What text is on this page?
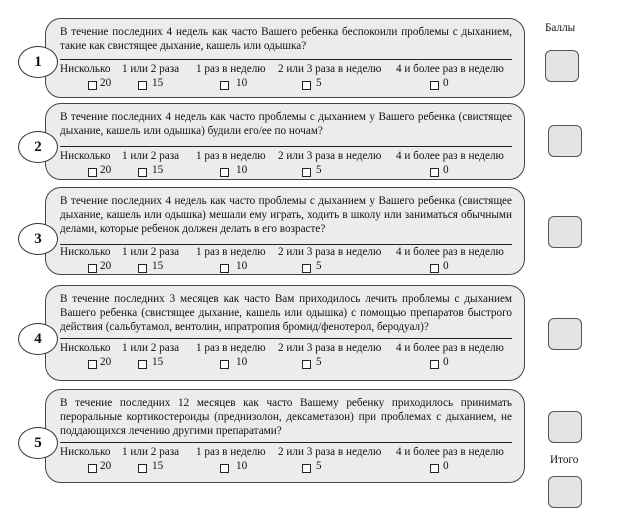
Баллы
Итого
В течение последних 4 недель как часто Вашего ребенка беспокоили проблемы с дыханием, такие как свистящее дыхание, кашель или одышка?
Нисколько
20
1 или 2 раза
15
1 раз в неделю
10
2 или 3 раза в неделю
5
4 и более раз в неделю
0
1
В течение последних 4 недель как часто проблемы с дыханием у Вашего ребенка (свистящее дыхание, кашель или одышка) будили его/ее по ночам?
Нисколько
20
1 или 2 раза
15
1 раз в неделю
10
2 или 3 раза в неделю
5
4 и более раз в неделю
0
2
В течение последних 4 недель как часто проблемы с дыханием у Вашего ребенка (свистящее дыхание, кашель или одышка) мешали ему играть, ходить в школу или заниматься обычными делами, которые ребенок должен делать в его возрасте?
Нисколько
20
1 или 2 раза
15
1 раз в неделю
10
2 или 3 раза в неделю
5
4 и более раз в неделю
0
3
В течение последних 3 месяцев как часто Вам приходилось лечить проблемы с дыханием Вашего ребенка (свистящее дыхание, кашель или одышка) с помощью препаратов быстрого действия (сальбутамол, вентолин, ипратропия бромид/фенотерол, беродуал)?
Нисколько
20
1 или 2 раза
15
1 раз в неделю
10
2 или 3 раза в неделю
5
4 и более раз в неделю
0
4
В течение последних 12 месяцев как часто Вашему ребенку приходилось принимать пероральные кортикостероиды (преднизолон, дексаметазон) при проблемах с дыханием, не поддающихся лечению другими препаратами?
Нисколько
20
1 или 2 раза
15
1 раз в неделю
10
2 или 3 раза в неделю
5
4 и более раз в неделю
0
5
